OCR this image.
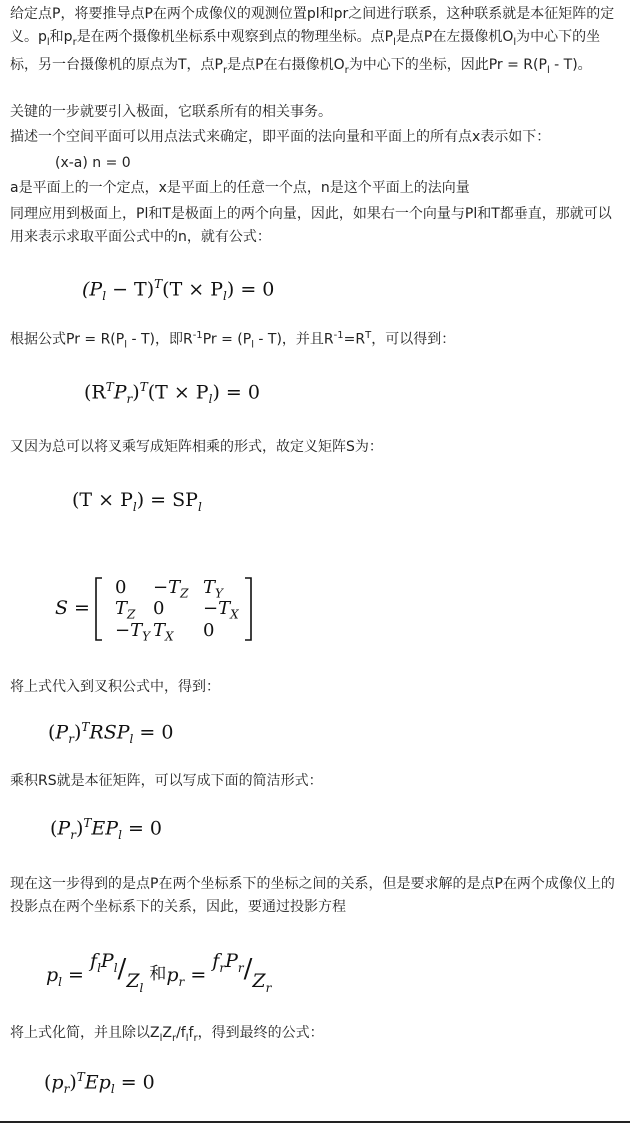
给定点P，将要推导点P在两个成像仪的观测位置pl和pr之间进行联系，这种联系就是本征矩阵的定义。$p_l$和$p_r$是在两个摄像机坐标系中观察到点的物理坐标。点$P_l$是点P在左摄像机$O_l$为中心下的坐标，另一台摄像机的原点为T，点$P_r$是点P在右摄像机$O_r$为中心下的坐标，因此$Pr = R(P_l - T)$。
关键的一步就要引入极面，它联系所有的相关事务。
描述一个空间平面可以用点法式来确定，即平面的法向量和平面上的所有点x表示如下：
(x-a) n = 0
a是平面上的一个定点，x是平面上的任意一个点，n是这个平面上的法向量
同理应用到极面上，Pl和T是极面上的两个向量，因此，如果右一个向量与Pl和T都垂直，那就可以用来表示求取平面公式中的n，就有公式：
$(P_l - T)^T(T \times P_l) = 0$
根据公式$Pr = R(P_l - T)$，即$R^{-1}Pr = (P_l - T)$，并且$R^{-1}=R^T$，可以得到：
$(R^TP_r)^T(T \times P_l) = 0$
又因为总可以将叉乘写成矩阵相乘的形式，故定义矩阵S为：
$(T \times P_l) = SP_l$
S =
$0 -T_Z$ $T_Y$
$T_Z$ $0 -T_X$
$-T_Y$ $T_X$ 0
将上式代入到叉积公式中，得到：
$(P_r)^TRSP_l = 0$
乘积RS就是本征矩阵，可以写成下面的简洁形式：
$(P_r)^TEP_l = 0$
现在这一步得到的是点P在两个坐标系下的坐标之间的关系，但是要求解的是点P在两个成像仪上的投影点在两个坐标系下的关系，因此，要通过投影方程
$p_l = f_lP_l/Z_l$和$p_r = f_rP_r/Z_r$
将上式化简，并且除以$Z_lZ_r/f_lf_r$，得到最终的公式：
$(p_r)^TEp_l = 0$
